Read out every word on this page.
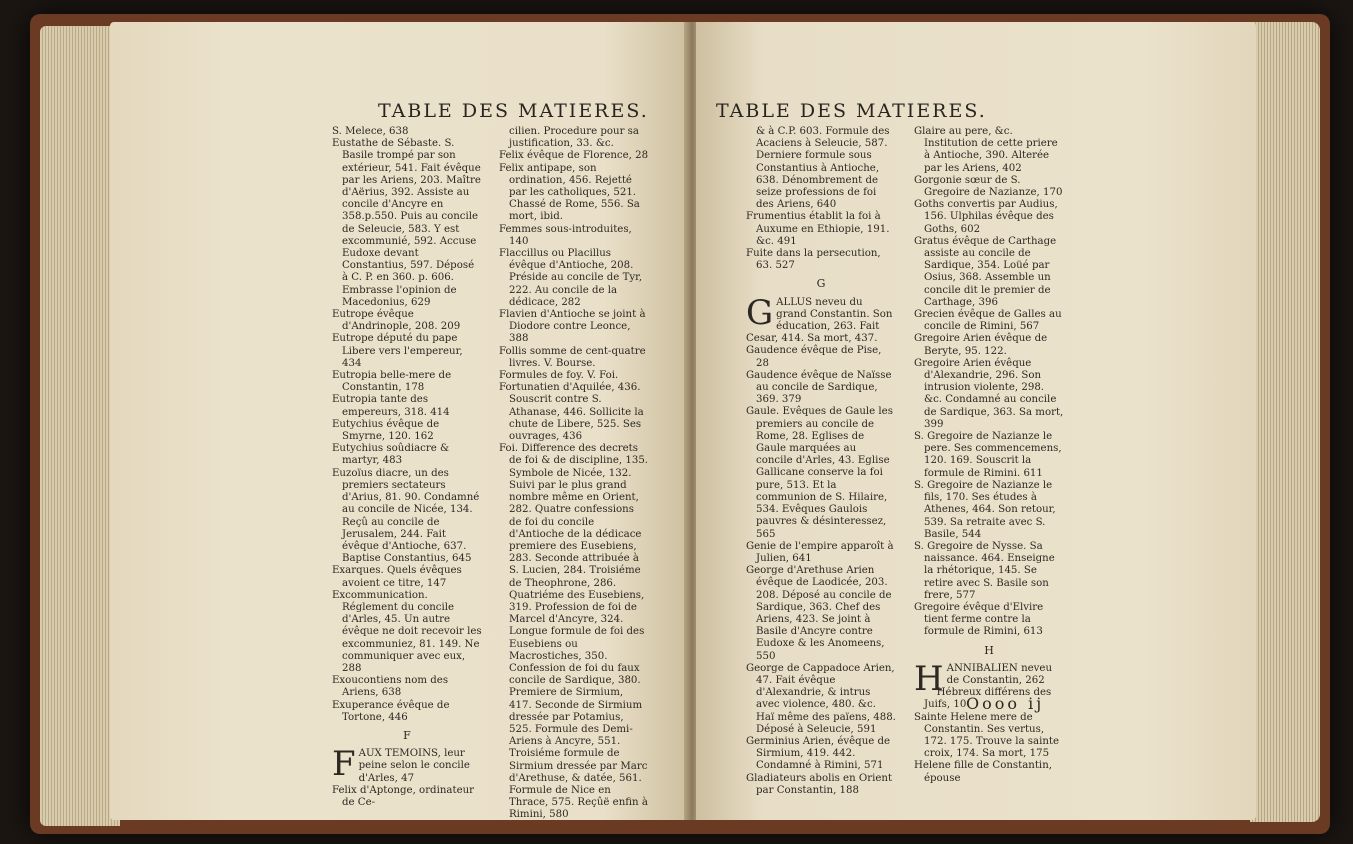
TABLE DES MATIERES.

S. Melece, 638

Eustathe de Sébaste. S. Basile trompé par son extérieur, 541. Fait évêque par les Ariens, 203. Maître d'Aërius, 392. Assiste au concile d'Ancyre en 358.p.550. Puis au concile de Seleucie, 583. Y est excommunié, 592. Accuse Eudoxe devant Constantius, 597. Déposé à C. P. en 360. p. 606. Embrasse l'opinion de Macedonius, 629

Eutrope évêque d'Andrinople, 208. 209

Eutrope député du pape Libere vers l'empereur, 434

Eutropia belle-mere de Constantin, 178

Eutropia tante des empereurs, 318. 414

Eutychius évêque de Smyrne, 120. 162

Eutychius soûdiacre & martyr, 483

Euzoïus diacre, un des premiers sectateurs d'Arius, 81. 90. Condamné au concile de Nicée, 134. Reçû au concile de Jerusalem, 244. Fait évêque d'Antioche, 637. Baptise Constantius, 645

Exarques. Quels évêques avoient ce titre, 147

Excommunication. Réglement du concile d'Arles, 45. Un autre évêque ne doit recevoir les excommuniez, 81. 149. Ne communiquer avec eux, 288

Exoucontiens nom des Ariens, 638

Exuperance évêque de Tortone, 446

F

FAUX TEMOINS, leur peine selon le concile d'Arles, 47

Felix d'Aptonge, ordinateur de Ce-

cilien. Procedure pour sa justification, 33. &c.

Felix évêque de Florence, 28

Felix antipape, son ordination, 456. Rejetté par les catholiques, 521. Chassé de Rome, 556. Sa mort, ibid.

Femmes sous-introduites, 140

Flaccillus ou Placillus évêque d'Antioche, 208. Préside au concile de Tyr, 222. Au concile de la dédicace, 282

Flavien d'Antioche se joint à Diodore contre Leonce, 388

Follis somme de cent-quatre livres. V. Bourse.

Formules de foy. V. Foi.

Fortunatien d'Aquilée, 436. Souscrit contre S. Athanase, 446. Sollicite la chute de Libere, 525. Ses ouvrages, 436

Foi. Difference des decrets de foi & de discipline, 135. Symbole de Nicée, 132. Suivi par le plus grand nombre même en Orient, 282. Quatre confessions de foi du concile d'Antioche de la dédicace premiere des Eusebiens, 283. Seconde attribuée à S. Lucien, 284. Troisiéme de Theophrone, 286. Quatriéme des Eusebiens, 319. Profession de foi de Marcel d'Ancyre, 324. Longue formule de foi des Eusebiens ou Macrostiches, 350. Confession de foi du faux concile de Sardique, 380. Premiere de Sirmium, 417. Seconde de Sirmium dressée par Potamius, 525. Formule des Demi-Ariens à Ancyre, 551. Troisiéme formule de Sirmium dressée par Marc d'Arethuse, & datée, 561. Formule de Nice en Thrace, 575. Reçûë enfin à Rimini, 580

TABLE DES MATIERES.

& à C.P. 603. Formule des Acaciens à Seleucie, 587. Derniere formule sous Constantius à Antioche, 638. Dénombrement de seize professions de foi des Ariens, 640

Frumentius établit la foi à Auxume en Ethiopie, 191. &c. 491

Fuite dans la persecution, 63. 527

G

GALLUS neveu du grand Constantin. Son éducation, 263. Fait Cesar, 414. Sa mort, 437.

Gaudence évêque de Pise, 28

Gaudence évêque de Naïsse au concile de Sardique, 369. 379

Gaule. Evêques de Gaule les premiers au concile de Rome, 28. Eglises de Gaule marquées au concile d'Arles, 43. Eglise Gallicane conserve la foi pure, 513. Et la communion de S. Hilaire, 534. Evêques Gaulois pauvres & désinteressez, 565

Genie de l'empire apparoît à Julien, 641

George d'Arethuse Arien évêque de Laodicée, 203. 208. Déposé au concile de Sardique, 363. Chef des Ariens, 423. Se joint à Basile d'Ancyre contre Eudoxe & les Anomeens, 550

George de Cappadoce Arien, 47. Fait évêque d'Alexandrie, & intrus avec violence, 480. &c. Haï même des païens, 488. Déposé à Seleucie, 591

Germinius Arien, évêque de Sirmium, 419. 442. Condamné à Rimini, 571

Gladiateurs abolis en Orient par Constantin, 188

Glaire au pere, &c. Institution de cette priere à Antioche, 390. Alterée par les Ariens, 402

Gorgonie sœur de S. Gregoire de Nazianze, 170

Goths convertis par Audius, 156. Ulphilas évêque des Goths, 602

Gratus évêque de Carthage assiste au concile de Sardique, 354. Loüé par Osius, 368. Assemble un concile dit le premier de Carthage, 396

Grecien évêque de Galles au concile de Rimini, 567

Gregoire Arien évêque de Beryte, 95. 122.

Gregoire Arien évêque d'Alexandrie, 296. Son intrusion violente, 298. &c. Condamné au concile de Sardique, 363. Sa mort, 399

S. Gregoire de Nazianze le pere. Ses commencemens, 120. 169. Souscrit la formule de Rimini. 611

S. Gregoire de Nazianze le fils, 170. Ses études à Athenes, 464. Son retour, 539. Sa retraite avec S. Basile, 544

S. Gregoire de Nysse. Sa naissance. 464. Enseigne la rhétorique, 145. Se retire avec S. Basile son frere, 577

Gregoire évêque d'Elvire tient ferme contre la formule de Rimini, 613

H

HANNIBALIEN neveu de Constantin, 262

Hébreux différens des Juifs, 10

Sainte Helene mere de Constantin. Ses vertus, 172. 175. Trouve la sainte croix, 174. Sa mort, 175

Helene fille de Constantin, épouse

Oooo ij
